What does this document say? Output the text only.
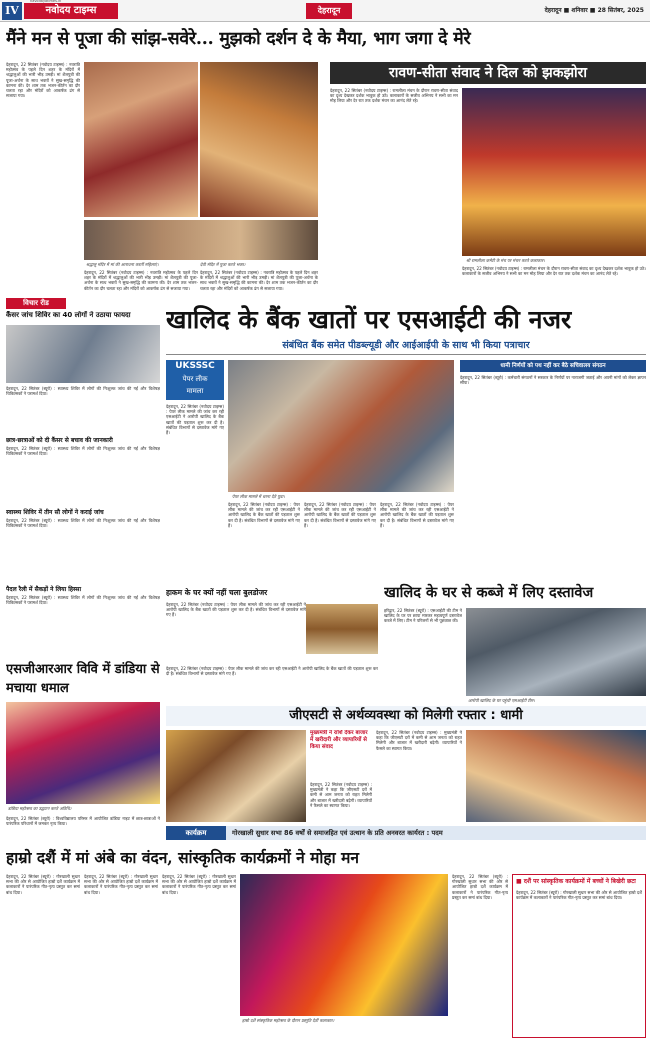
IV	नवोदय टाइम्स
navodayatimes.in
देहरादून	देहरादून ■ शनिवार ■ 28 सितंबर, 2025
मैंने मन से पूजा की सांझ-सवेरे... मुझको दर्शन दे के मैया, भाग जगा दे मेरे
देहरादून, 22 सितंबर (नवोदय टाइम्स) : नवरात्रि महोत्सव के पहले दिन शहर के मंदिरों में श्रद्धालुओं की भारी भीड़ उमड़ी। मां शैलपुत्री की पूजा-अर्चना के साथ भक्तों ने सुख-समृद्धि की कामना की। देर शाम तक भजन-कीर्तन का दौर चलता रहा और मंदिरों को आकर्षक ढंग से सजाया गया।
श्रद्धालु मंदिर में मां की आराधना करतीं महिलाएं।	देवी मंदिर में पूजा करते भक्त।
देहरादून, 22 सितंबर (नवोदय टाइम्स) : नवरात्रि महोत्सव के पहले दिन शहर के मंदिरों में श्रद्धालुओं की भारी भीड़ उमड़ी। मां शैलपुत्री की पूजा-अर्चना के साथ भक्तों ने सुख-समृद्धि की कामना की। देर शाम तक भजन-कीर्तन का दौर चलता रहा और मंदिरों को आकर्षक ढंग से सजाया गया।
देहरादून, 22 सितंबर (नवोदय टाइम्स) : नवरात्रि महोत्सव के पहले दिन शहर के मंदिरों में श्रद्धालुओं की भारी भीड़ उमड़ी। मां शैलपुत्री की पूजा-अर्चना के साथ भक्तों ने सुख-समृद्धि की कामना की। देर शाम तक भजन-कीर्तन का दौर चलता रहा और मंदिरों को आकर्षक ढंग से सजाया गया।
रावण-सीता संवाद ने दिल को झकझोरा
देहरादून, 22 सितंबर (नवोदय टाइम्स) : रामलीला मंचन के दौरान रावण-सीता संवाद का दृश्य देखकर दर्शक भावुक हो उठे। कलाकारों के सजीव अभिनय ने सभी का मन मोह लिया और देर रात तक दर्शक मंचन का आनंद लेते रहे।
श्री रामलीला कमेटी के मंच पर मंचन करते कलाकार।
देहरादून, 22 सितंबर (नवोदय टाइम्स) : रामलीला मंचन के दौरान रावण-सीता संवाद का दृश्य देखकर दर्शक भावुक हो उठे। कलाकारों के सजीव अभिनय ने सभी का मन मोह लिया और देर रात तक दर्शक मंचन का आनंद लेते रहे।
विचार रीड
कैंसर जांच शिविर का 40 लोगों ने उठाया फायदा
देहरादून, 22 सितंबर (ब्यूरो) : स्वास्थ्य शिविर में लोगों की निःशुल्क जांच की गई और विशेषज्ञ चिकित्सकों ने परामर्श दिया।
छात्र-छात्राओं को दी कैंसर से बचाव की जानकारी
देहरादून, 22 सितंबर (ब्यूरो) : स्वास्थ्य शिविर में लोगों की निःशुल्क जांच की गई और विशेषज्ञ चिकित्सकों ने परामर्श दिया।
स्वास्थ्य शिविर में तीन सौ लोगों ने कराई जांच
देहरादून, 22 सितंबर (ब्यूरो) : स्वास्थ्य शिविर में लोगों की निःशुल्क जांच की गई और विशेषज्ञ चिकित्सकों ने परामर्श दिया।
पैदल रैली में सैकड़ों ने लिया हिस्सा
देहरादून, 22 सितंबर (ब्यूरो) : स्वास्थ्य शिविर में लोगों की निःशुल्क जांच की गई और विशेषज्ञ चिकित्सकों ने परामर्श दिया।
खालिद के बैंक खातों पर एसआईटी की नजर
संबंधित बैंक समेत पीडब्ल्यूडी और आईआईपी के साथ भी किया पत्राचार
UKSSSC
पेपर लीक
मामला
देहरादून, 22 सितंबर (नवोदय टाइम्स) : पेपर लीक मामले की जांच कर रही एसआईटी ने आरोपी खालिद के बैंक खातों की पड़ताल शुरू कर दी है। संबंधित विभागों से दस्तावेज मांगे गए हैं।
पेपर लीक मामले में धरना देते युवा।
देहरादून, 22 सितंबर (नवोदय टाइम्स) : पेपर लीक मामले की जांच कर रही एसआईटी ने आरोपी खालिद के बैंक खातों की पड़ताल शुरू कर दी है। संबंधित विभागों से दस्तावेज मांगे गए हैं।
देहरादून, 22 सितंबर (नवोदय टाइम्स) : पेपर लीक मामले की जांच कर रही एसआईटी ने आरोपी खालिद के बैंक खातों की पड़ताल शुरू कर दी है। संबंधित विभागों से दस्तावेज मांगे गए हैं।
देहरादून, 22 सितंबर (नवोदय टाइम्स) : पेपर लीक मामले की जांच कर रही एसआईटी ने आरोपी खालिद के बैंक खातों की पड़ताल शुरू कर दी है। संबंधित विभागों से दस्तावेज मांगे गए हैं।
धामी निर्णयों को पथ नहीं कर बैठे सचिवालय संगठन
देहरादून, 22 सितंबर (ब्यूरो) : कर्मचारी संगठनों ने सरकार के निर्णयों पर नाराजगी जताई और अपनी मांगों को लेकर ज्ञापन सौंपा।
हाकम के घर क्यों नहीं चला बुलडोजर
देहरादून, 22 सितंबर (नवोदय टाइम्स) : पेपर लीक मामले की जांच कर रही एसआईटी ने आरोपी खालिद के बैंक खातों की पड़ताल शुरू कर दी है। संबंधित विभागों से दस्तावेज मांगे गए हैं।
खालिद के घर से कब्जे में लिए दस्तावेज
हरिद्वार, 22 सितंबर (ब्यूरो) : एसआईटी की टीम ने खालिद के घर पर छापा मारकर महत्वपूर्ण दस्तावेज कब्जे में लिए। टीम ने परिजनों से भी पूछताछ की।
आरोपी खालिद के घर पहुंची एसआईटी टीम।
देहरादून, 22 सितंबर (नवोदय टाइम्स) : पेपर लीक मामले की जांच कर रही एसआईटी ने आरोपी खालिद के बैंक खातों की पड़ताल शुरू कर दी है। संबंधित विभागों से दस्तावेज मांगे गए हैं।
जीएसटी से अर्थव्यवस्था को मिलेगी रफ्तार : धामी
मुख्यमंत्री ने राशि देकर बाजार में खरीदारी और व्यापारियों से किया संवाद
देहरादून, 22 सितंबर (नवोदय टाइम्स) : मुख्यमंत्री ने कहा कि जीएसटी दरों में कमी से आम जनता को राहत मिलेगी और बाजार में खरीदारी बढ़ेगी। व्यापारियों ने फैसले का स्वागत किया।
देहरादून, 22 सितंबर (नवोदय टाइम्स) : मुख्यमंत्री ने कहा कि जीएसटी दरों में कमी से आम जनता को राहत मिलेगी और बाजार में खरीदारी बढ़ेगी। व्यापारियों ने फैसले का स्वागत किया।
एसजीआरआर विवि में डांडिया से मचाया धमाल
डांडिया महोत्सव का उद्घाटन करते अतिथि।
कार्यक्रम	गोरखाली सुधार सभा 86 वर्षों से समाजहित एवं उत्थान के प्रति अनवरत कार्यरत : पदम
देहरादून, 22 सितंबर (ब्यूरो) : विश्वविद्यालय परिसर में आयोजित डांडिया नाइट में छात्र-छात्राओं ने पारंपरिक परिधानों में जमकर नृत्य किया।
हाम्रो दशैं में मां अंबे का वंदन, सांस्कृतिक कार्यक्रमों ने मोहा मन
देहरादून, 22 सितंबर (ब्यूरो) : गोरखाली सुधार सभा की ओर से आयोजित हाम्रो दशैं कार्यक्रम में कलाकारों ने पारंपरिक गीत-नृत्य प्रस्तुत कर समां बांध दिया।
देहरादून, 22 सितंबर (ब्यूरो) : गोरखाली सुधार सभा की ओर से आयोजित हाम्रो दशैं कार्यक्रम में कलाकारों ने पारंपरिक गीत-नृत्य प्रस्तुत कर समां बांध दिया।
देहरादून, 22 सितंबर (ब्यूरो) : गोरखाली सुधार सभा की ओर से आयोजित हाम्रो दशैं कार्यक्रम में कलाकारों ने पारंपरिक गीत-नृत्य प्रस्तुत कर समां बांध दिया।
हाम्रो दशैं सांस्कृतिक महोत्सव के दौरान प्रस्तुति देतीं कलाकार।
देहरादून, 22 सितंबर (ब्यूरो) : गोरखाली सुधार सभा की ओर से आयोजित हाम्रो दशैं कार्यक्रम में कलाकारों ने पारंपरिक गीत-नृत्य प्रस्तुत कर समां बांध दिया।
■ दशैं पर सांस्कृतिक कार्यक्रमों में बच्चों ने बिखेरी छटा
देहरादून, 22 सितंबर (ब्यूरो) : गोरखाली सुधार सभा की ओर से आयोजित हाम्रो दशैं कार्यक्रम में कलाकारों ने पारंपरिक गीत-नृत्य प्रस्तुत कर समां बांध दिया।
